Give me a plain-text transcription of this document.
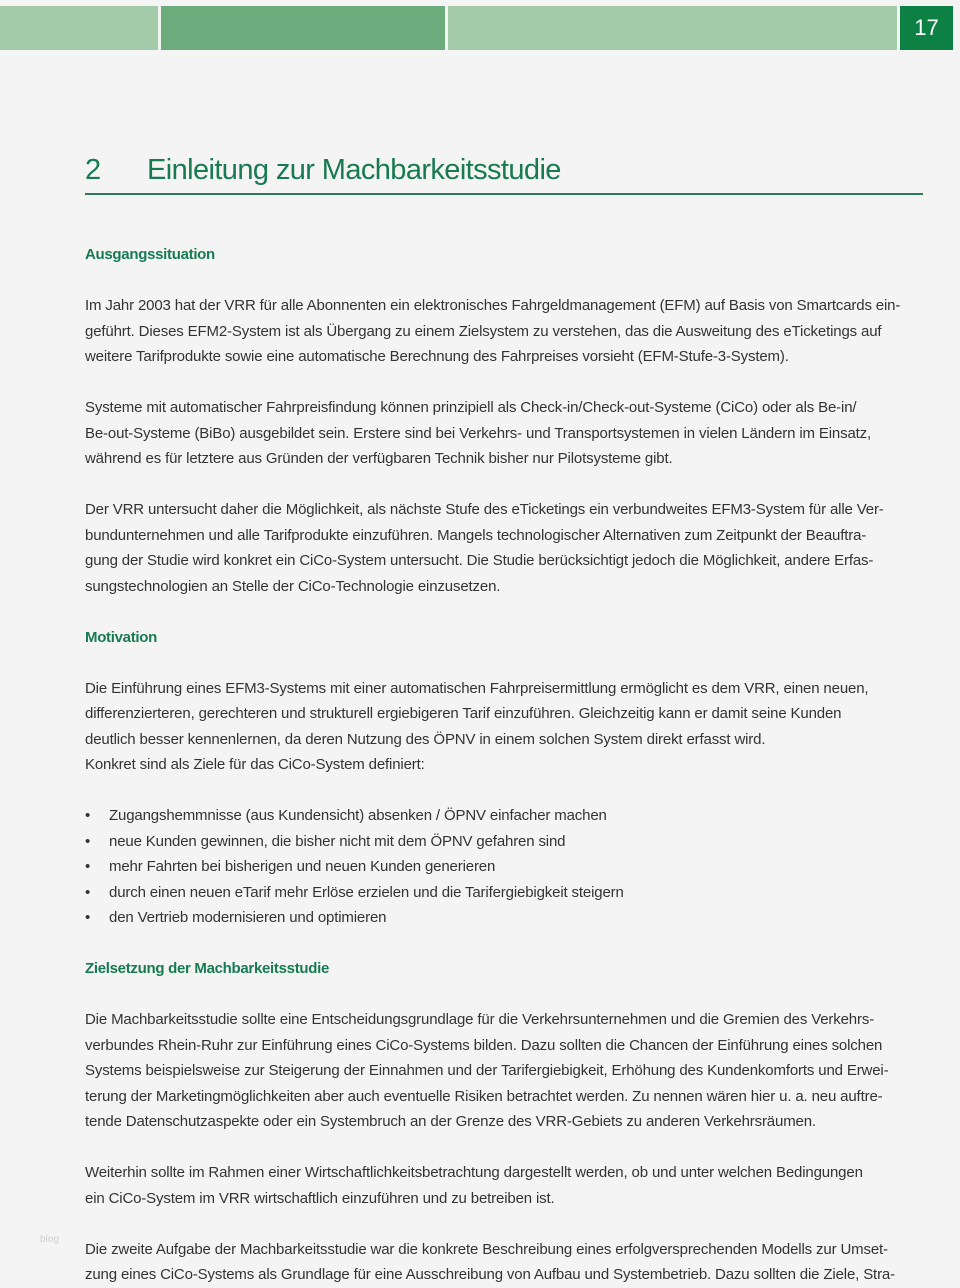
17
2 Einleitung zur Machbarkeitsstudie
Ausgangssituation
Im Jahr 2003 hat der VRR für alle Abonnenten ein elektronisches Fahrgeldmanagement (EFM) auf Basis von Smartcards ein-
geführt. Dieses EFM2-System ist als Übergang zu einem Zielsystem zu verstehen, das die Ausweitung des eTicketings auf
weitere Tarifprodukte sowie eine automatische Berechnung des Fahrpreises vorsieht (EFM-Stufe-3-System).
Systeme mit automatischer Fahrpreisfindung können prinzipiell als Check-in/Check-out-Systeme (CiCo) oder als Be-in/
Be-out-Systeme (BiBo) ausgebildet sein. Erstere sind bei Verkehrs- und Transportsystemen in vielen Ländern im Einsatz,
während es für letztere aus Gründen der verfügbaren Technik bisher nur Pilotsysteme gibt.
Der VRR untersucht daher die Möglichkeit, als nächste Stufe des eTicketings ein verbundweites EFM3-System für alle Ver-
bundunternehmen und alle Tarifprodukte einzuführen. Mangels technologischer Alternativen zum Zeitpunkt der Beauftra-
gung der Studie wird konkret ein CiCo-System untersucht. Die Studie berücksichtigt jedoch die Möglichkeit, andere Erfas-
sungstechnologien an Stelle der CiCo-Technologie einzusetzen.
Motivation
Die Einführung eines EFM3-Systems mit einer automatischen Fahrpreisermittlung ermöglicht es dem VRR, einen neuen,
differenzierteren, gerechteren und strukturell ergiebigeren Tarif einzuführen. Gleichzeitig kann er damit seine Kunden
deutlich besser kennenlernen, da deren Nutzung des ÖPNV in einem solchen System direkt erfasst wird.
Konkret sind als Ziele für das CiCo-System definiert:
• Zugangshemmnisse (aus Kundensicht) absenken / ÖPNV einfacher machen
• neue Kunden gewinnen, die bisher nicht mit dem ÖPNV gefahren sind
• mehr Fahrten bei bisherigen und neuen Kunden generieren
• durch einen neuen eTarif mehr Erlöse erzielen und die Tarifergiebigkeit steigern
• den Vertrieb modernisieren und optimieren
Zielsetzung der Machbarkeitsstudie
Die Machbarkeitsstudie sollte eine Entscheidungsgrundlage für die Verkehrsunternehmen und die Gremien des Verkehrs-
verbundes Rhein-Ruhr zur Einführung eines CiCo-Systems bilden. Dazu sollten die Chancen der Einführung eines solchen
Systems beispielsweise zur Steigerung der Einnahmen und der Tarifergiebigkeit, Erhöhung des Kundenkomforts und Erwei-
terung der Marketingmöglichkeiten aber auch eventuelle Risiken betrachtet werden. Zu nennen wären hier u. a. neu auftre-
tende Datenschutzaspekte oder ein Systembruch an der Grenze des VRR-Gebiets zu anderen Verkehrsräumen.
Weiterhin sollte im Rahmen einer Wirtschaftlichkeitsbetrachtung dargestellt werden, ob und unter welchen Bedingungen
ein CiCo-System im VRR wirtschaftlich einzuführen und zu betreiben ist.
Die zweite Aufgabe der Machbarkeitsstudie war die konkrete Beschreibung eines erfolgversprechenden Modells zur Umset-
zung eines CiCo-Systems als Grundlage für eine Ausschreibung von Aufbau und Systembetrieb. Dazu sollten die Ziele, Stra-
blog
